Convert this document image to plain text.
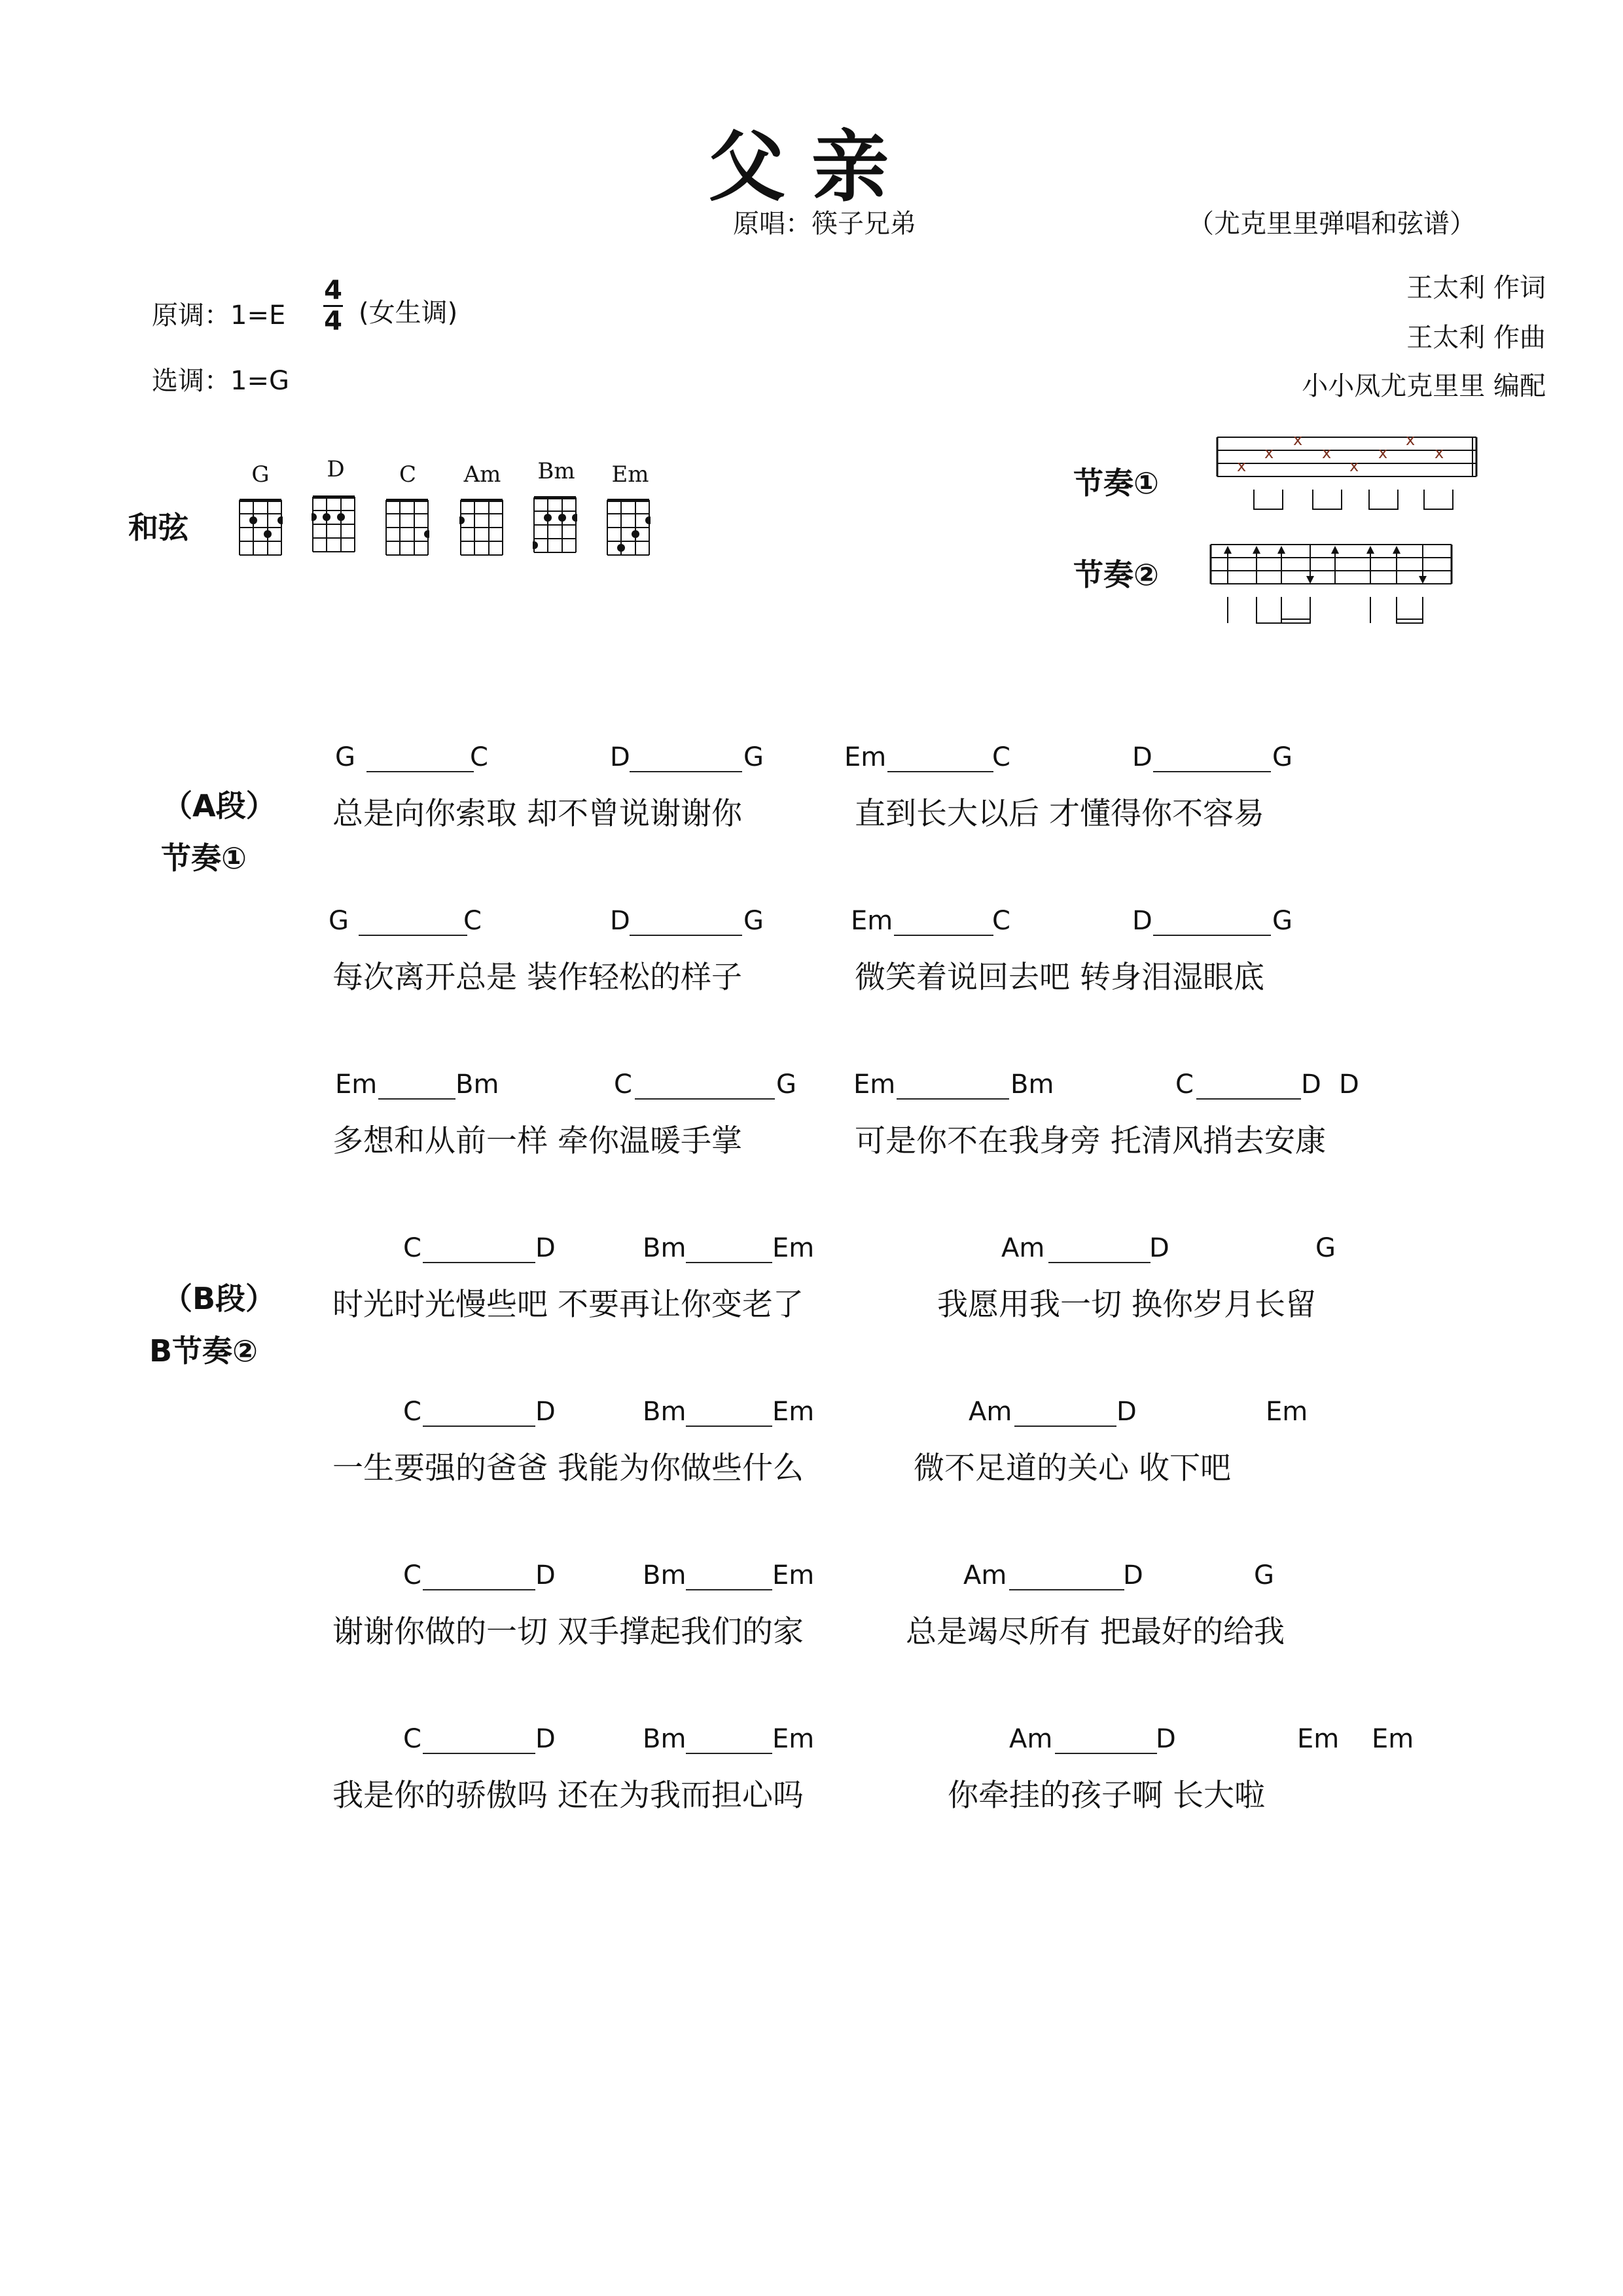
父亲
原唱：筷子兄弟	（尤克里里弹唱和弦谱）
王太利 作词
王太利 作曲
小小凤尤克里里 编配
原调：1=E
4
4 (女生调)
选调：1=G
和弦
G	D	C	Am	Bm	Em	节奏①
节奏②
x
x
x
x
x
x
x
x
（A段）
节奏①
（B段）
B节奏②
G	C	D	G	Em	C	D	G
总是向你索取 却不曾说谢谢你	直到长大以后 才懂得你不容易
G	C	D	G	Em	C	D	G
每次离开总是 装作轻松的样子	微笑着说回去吧 转身泪湿眼底
Em	Bm	C	G Em	Bm	C	D D
多想和从前一样 牵你温暖手掌	可是你不在我身旁 托清风捎去安康
C	D	Bm	Em	Am	D	G
时光时光慢些吧 不要再让你变老了	我愿用我一切 换你岁月长留
C	D	Bm	Em	Am	D	Em
一生要强的爸爸 我能为你做些什么	微不足道的关心 收下吧
C	D	Bm	Em	Am	D	G
谢谢你做的一切 双手撑起我们的家	总是竭尽所有 把最好的给我
C	D	Bm	Em	Am	D	Em Em
我是你的骄傲吗 还在为我而担心吗	你牵挂的孩子啊 长大啦
